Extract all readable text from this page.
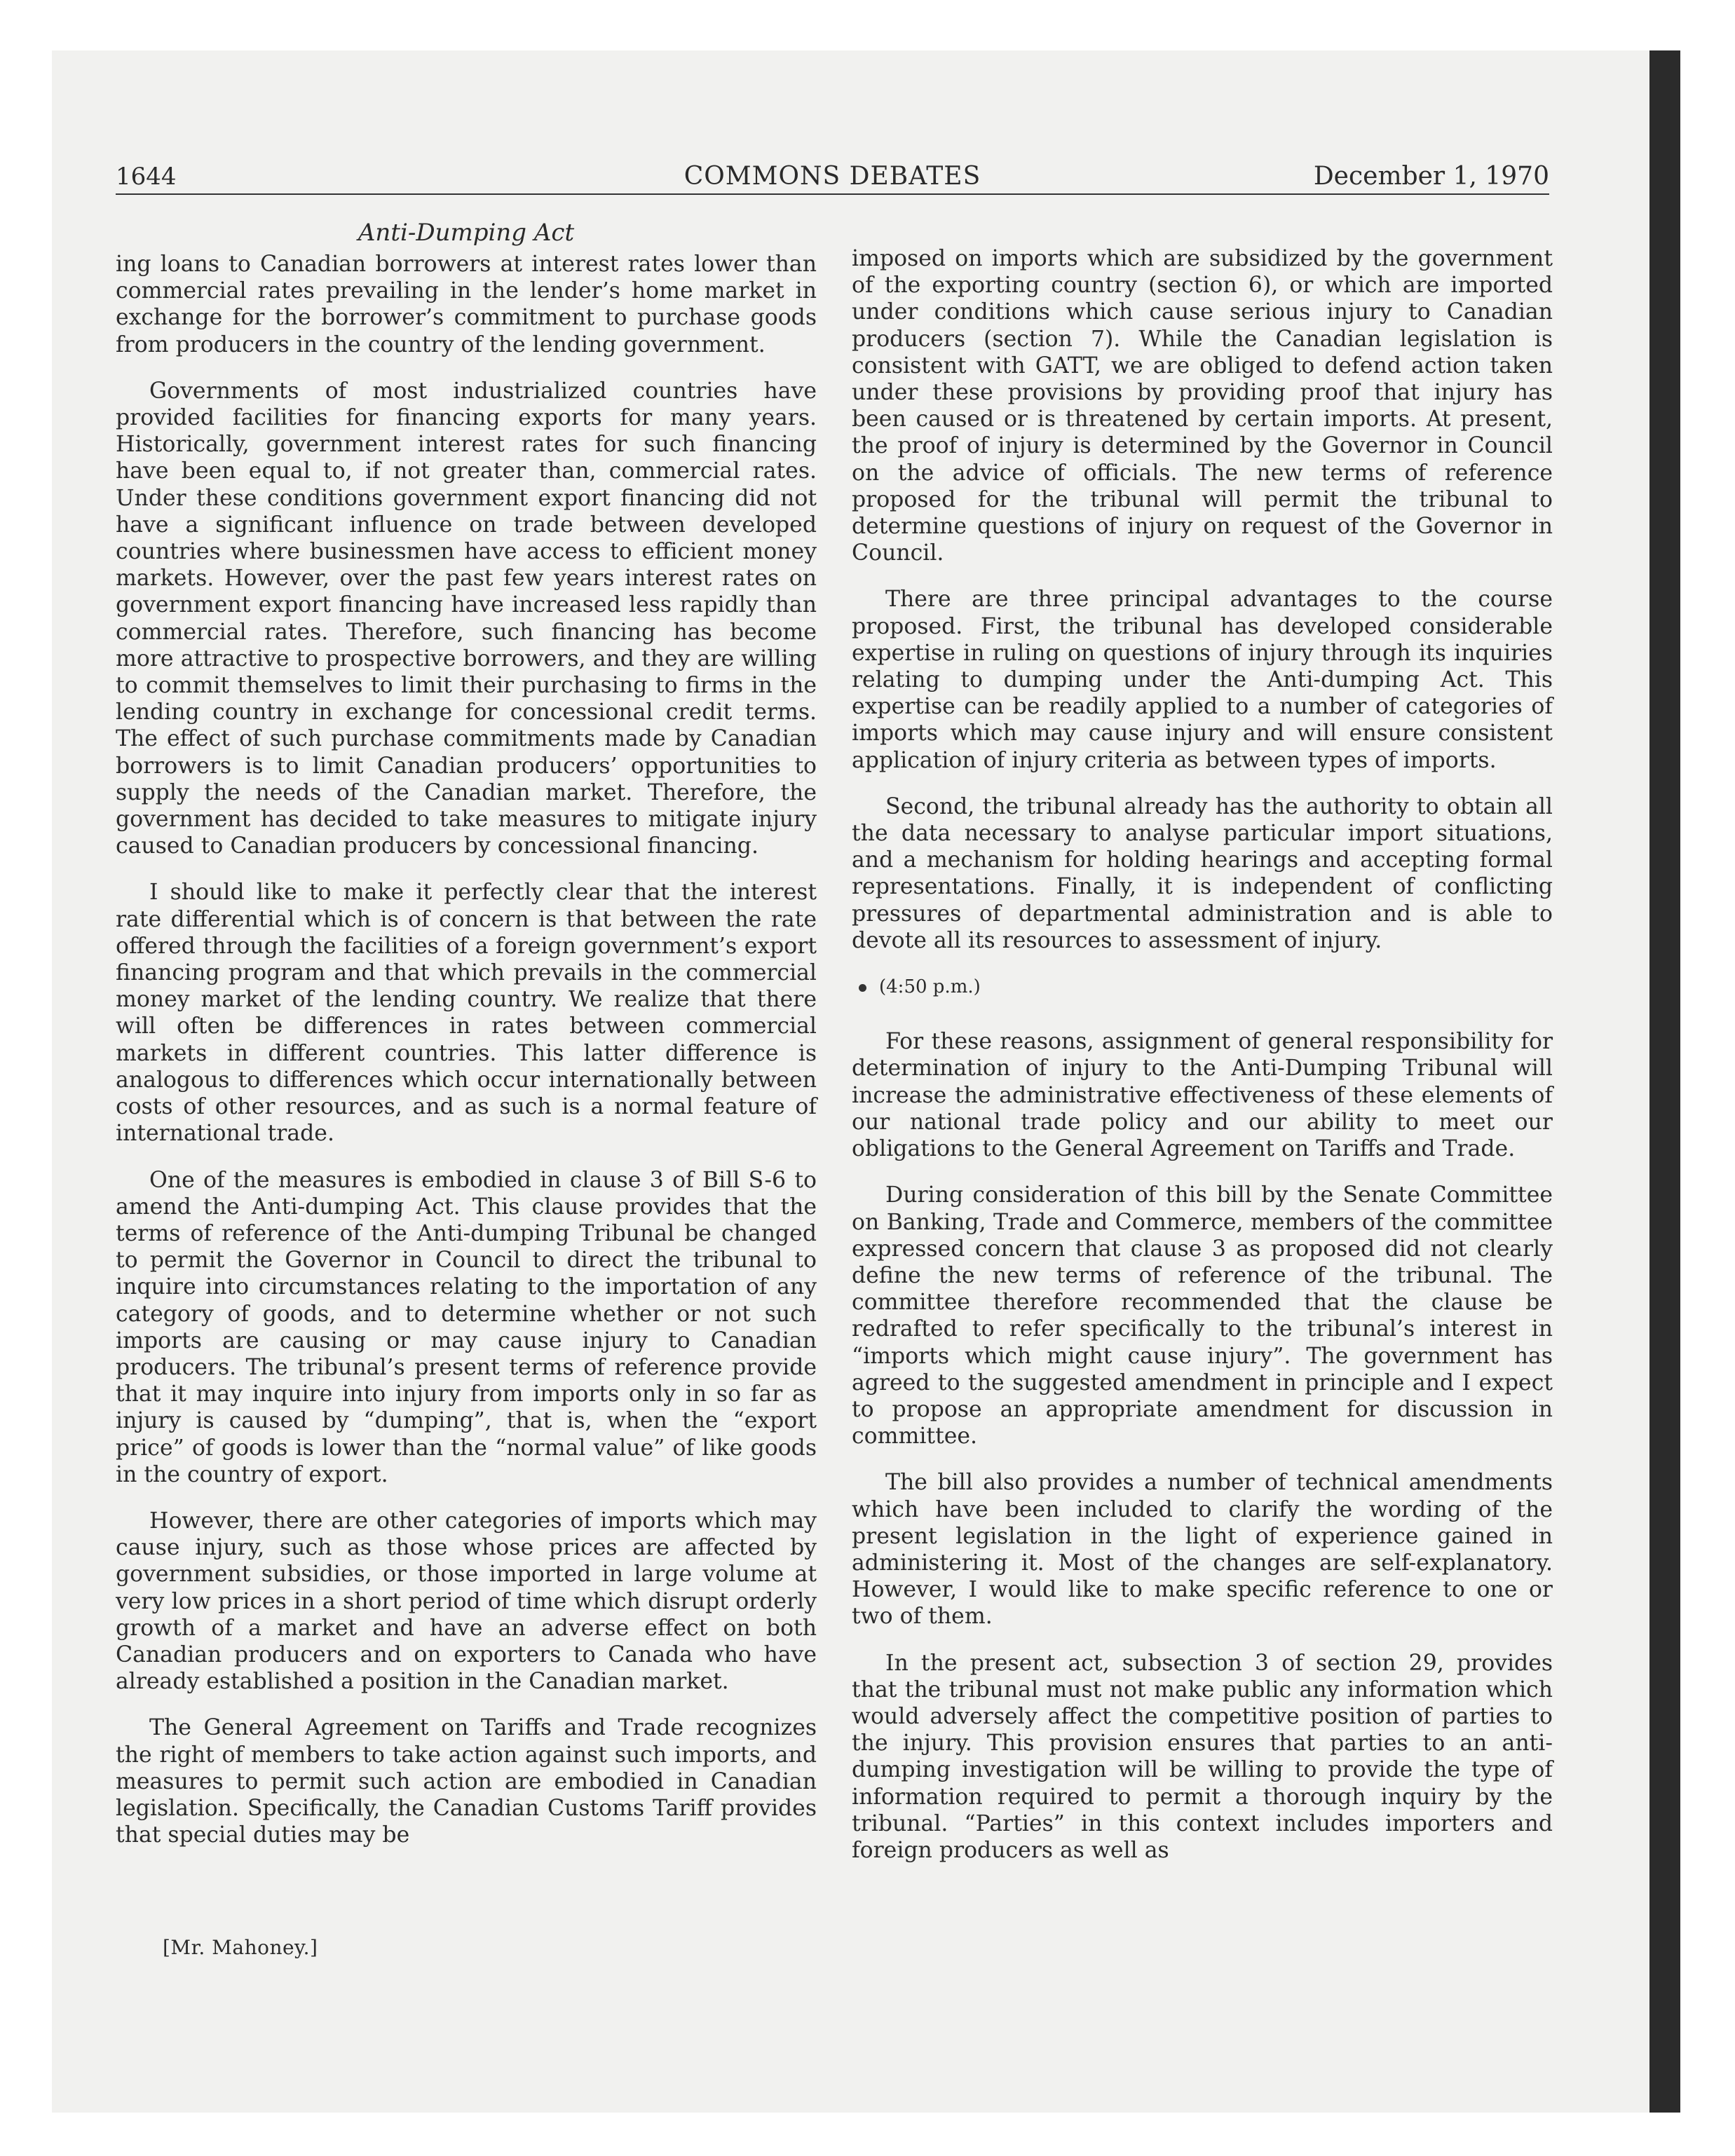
1644	COMMONS DEBATES	December 1, 1970
Anti-Dumping Act

ing loans to Canadian borrowers at interest rates lower than commercial rates prevailing in the lender’s home market in exchange for the borrower’s commitment to purchase goods from producers in the country of the lending government.

Governments of most industrialized countries have provided facilities for financing exports for many years. Historically, government interest rates for such financing have been equal to, if not greater than, commercial rates. Under these conditions government export financing did not have a significant influence on trade between developed countries where businessmen have access to efficient money markets. However, over the past few years interest rates on government export financing have increased less rapidly than commercial rates. Therefore, such financing has become more attractive to prospective borrowers, and they are willing to commit themselves to limit their purchasing to firms in the lending country in exchange for concessional credit terms. The effect of such purchase commitments made by Canadian borrowers is to limit Canadian producers’ opportunities to supply the needs of the Canadian market. Therefore, the government has decided to take measures to mitigate injury caused to Canadian producers by concessional financing.

I should like to make it perfectly clear that the interest rate differential which is of concern is that between the rate offered through the facilities of a foreign government’s export financing program and that which prevails in the commercial money market of the lending country. We realize that there will often be differences in rates between commercial markets in different countries. This latter difference is analogous to differences which occur internationally between costs of other resources, and as such is a normal feature of international trade.

One of the measures is embodied in clause 3 of Bill S-6 to amend the Anti-dumping Act. This clause provides that the terms of reference of the Anti-dumping Tribunal be changed to permit the Governor in Council to direct the tribunal to inquire into circumstances relating to the importation of any category of goods, and to determine whether or not such imports are causing or may cause injury to Canadian producers. The tribunal’s present terms of reference provide that it may inquire into injury from imports only in so far as injury is caused by “dumping”, that is, when the “export price” of goods is lower than the “normal value” of like goods in the country of export.

However, there are other categories of imports which may cause injury, such as those whose prices are affected by government subsidies, or those imported in large volume at very low prices in a short period of time which disrupt orderly growth of a market and have an adverse effect on both Canadian producers and on exporters to Canada who have already established a position in the Canadian market.

The General Agreement on Tariffs and Trade recognizes the right of members to take action against such imports, and measures to permit such action are embodied in Canadian legislation. Specifically, the Canadian Customs Tariff provides that special duties may be

[Mr. Mahoney.]

imposed on imports which are subsidized by the government of the exporting country (section 6), or which are imported under conditions which cause serious injury to Canadian producers (section 7). While the Canadian legislation is consistent with GATT, we are obliged to defend action taken under these provisions by providing proof that injury has been caused or is threatened by certain imports. At present, the proof of injury is determined by the Governor in Council on the advice of officials. The new terms of reference proposed for the tribunal will permit the tribunal to determine questions of injury on request of the Governor in Council.

There are three principal advantages to the course proposed. First, the tribunal has developed considerable expertise in ruling on questions of injury through its inquiries relating to dumping under the Anti-dumping Act. This expertise can be readily applied to a number of categories of imports which may cause injury and will ensure consistent application of injury criteria as between types of imports.

Second, the tribunal already has the authority to obtain all the data necessary to analyse particular import situations, and a mechanism for holding hearings and accepting formal representations. Finally, it is independent of conflicting pressures of departmental administration and is able to devote all its resources to assessment of injury.

(4:50 p.m.)

For these reasons, assignment of general responsibility for determination of injury to the Anti-Dumping Tribunal will increase the administrative effectiveness of these elements of our national trade policy and our ability to meet our obligations to the General Agreement on Tariffs and Trade.

During consideration of this bill by the Senate Committee on Banking, Trade and Commerce, members of the committee expressed concern that clause 3 as proposed did not clearly define the new terms of reference of the tribunal. The committee therefore recommended that the clause be redrafted to refer specifically to the tribunal’s interest in “imports which might cause injury”. The government has agreed to the suggested amendment in principle and I expect to propose an appropriate amendment for discussion in committee.

The bill also provides a number of technical amendments which have been included to clarify the wording of the present legislation in the light of experience gained in administering it. Most of the changes are self-explanatory. However, I would like to make specific reference to one or two of them.

In the present act, subsection 3 of section 29, provides that the tribunal must not make public any information which would adversely affect the competitive position of parties to the injury. This provision ensures that parties to an anti-dumping investigation will be willing to provide the type of information required to permit a thorough inquiry by the tribunal. “Parties” in this context includes importers and foreign producers as well as
